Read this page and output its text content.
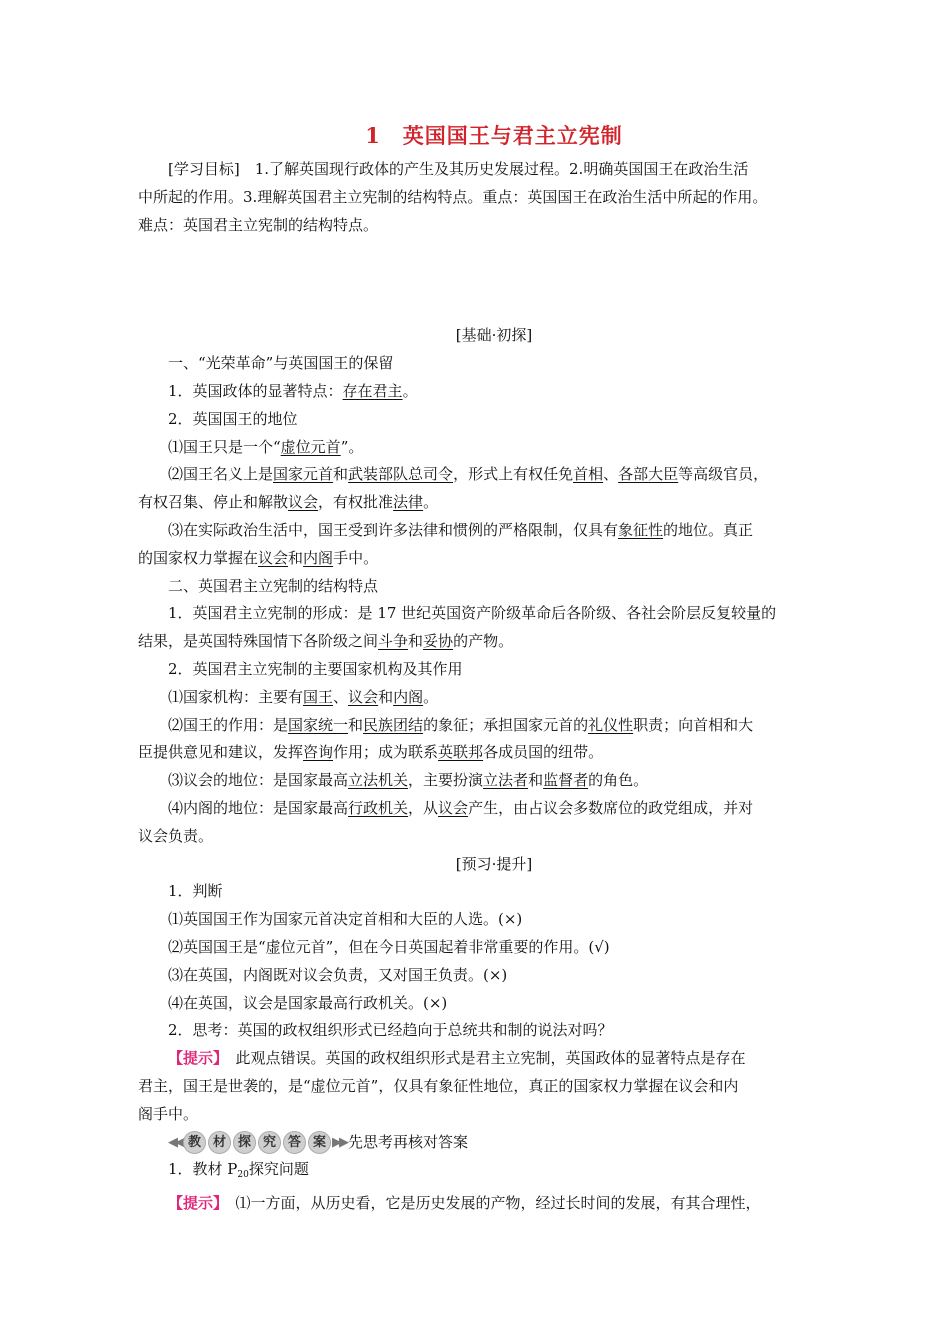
1　英国国王与君主立宪制
[学习目标]　1.了解英国现行政体的产生及其历史发展过程。2.明确英国国王在政治生活
中所起的作用。3.理解英国君主立宪制的结构特点。重点：英国国王在政治生活中所起的作用。
难点：英国君主立宪制的结构特点。
[基础·初探]
一、“光荣革命”与英国国王的保留
1．英国政体的显著特点：存在君主。
2．英国国王的地位
⑴国王只是一个“虚位元首”。
⑵国王名义上是国家元首和武装部队总司令，形式上有权任免首相、各部大臣等高级官员，
有权召集、停止和解散议会，有权批准法律。
⑶在实际政治生活中，国王受到许多法律和惯例的严格限制，仅具有象征性的地位。真正
的国家权力掌握在议会和内阁手中。
二、英国君主立宪制的结构特点
1．英国君主立宪制的形成：是 17 世纪英国资产阶级革命后各阶级、各社会阶层反复较量的
结果，是英国特殊国情下各阶级之间斗争和妥协的产物。
2．英国君主立宪制的主要国家机构及其作用
⑴国家机构：主要有国王、议会和内阁。
⑵国王的作用：是国家统一和民族团结的象征；承担国家元首的礼仪性职责；向首相和大
臣提供意见和建议，发挥咨询作用；成为联系英联邦各成员国的纽带。
⑶议会的地位：是国家最高立法机关，主要扮演立法者和监督者的角色。
⑷内阁的地位：是国家最高行政机关，从议会产生，由占议会多数席位的政党组成，并对
议会负责。
[预习·提升]
1．判断
⑴英国国王作为国家元首决定首相和大臣的人选。(×)
⑵英国国王是“虚位元首”，但在今日英国起着非常重要的作用。(√)
⑶在英国，内阁既对议会负责，又对国王负责。(×)
⑷在英国，议会是国家最高行政机关。(×)
2．思考：英国的政权组织形式已经趋向于总统共和制的说法对吗？
【提示】　此观点错误。英国的政权组织形式是君主立宪制，英国政体的显著特点是存在
君主，国王是世袭的，是“虚位元首”，仅具有象征性地位，真正的国家权力掌握在议会和内
阁手中。
◀◀ 教 材 探 究 答 案 ▶▶ 先思考再核对答案
1．教材 $P_{20}$探究问题
【提示】　⑴一方面，从历史看，它是历史发展的产物，经过长时间的发展，有其合理性，
